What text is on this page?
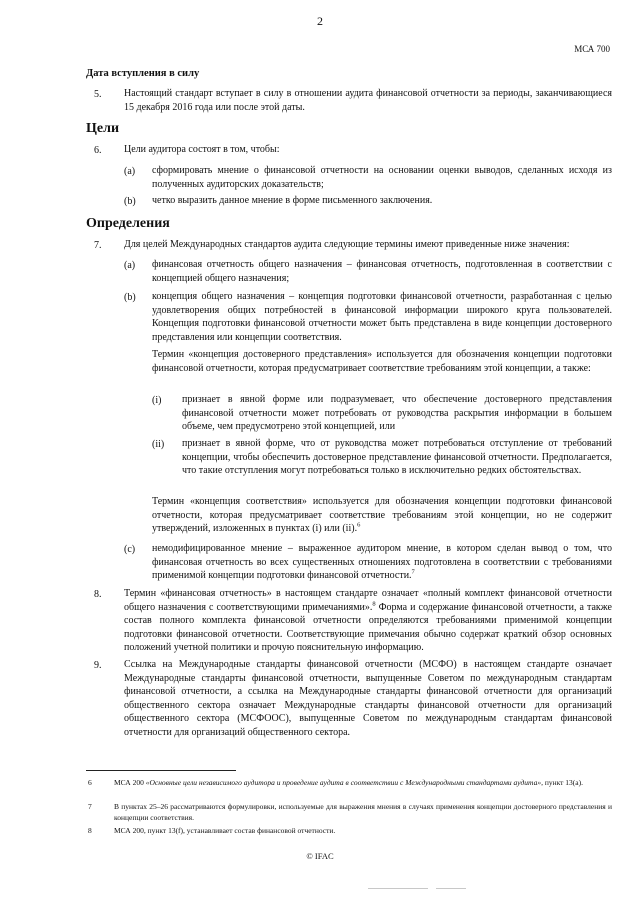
2
МСА 700
Дата вступления в силу
5. Настоящий стандарт вступает в силу в отношении аудита финансовой отчетности за периоды, заканчивающиеся 15 декабря 2016 года или после этой даты.
Цели
6. Цели аудитора состоят в том, чтобы:
(a) сформировать мнение о финансовой отчетности на основании оценки выводов, сделанных исходя из полученных аудиторских доказательств;
(b) четко выразить данное мнение в форме письменного заключения.
Определения
7. Для целей Международных стандартов аудита следующие термины имеют приведенные ниже значения:
(a) финансовая отчетность общего назначения – финансовая отчетность, подготовленная в соответствии с концепцией общего назначения;
(b) концепция общего назначения – концепция подготовки финансовой отчетности, разработанная с целью удовлетворения общих потребностей в финансовой информации широкого круга пользователей. Концепция подготовки финансовой отчетности может быть представлена в виде концепции достоверного представления или концепции соответствия.
Термин «концепция достоверного представления» используется для обозначения концепции подготовки финансовой отчетности, которая предусматривает соответствие требованиям этой концепции, а также:
(i) признает в явной форме или подразумевает, что обеспечение достоверного представления финансовой отчетности может потребовать от руководства раскрытия информации в большем объеме, чем предусмотрено этой концепцией, или
(ii) признает в явной форме, что от руководства может потребоваться отступление от требований концепции, чтобы обеспечить достоверное представление финансовой отчетности. Предполагается, что такие отступления могут потребоваться только в исключительно редких обстоятельствах.
Термин «концепция соответствия» используется для обозначения концепции подготовки финансовой отчетности, которая предусматривает соответствие требованиям этой концепции, но не содержит утверждений, изложенных в пунктах (i) или (ii).$^6$
(c) немодифицированное мнение – выраженное аудитором мнение, в котором сделан вывод о том, что финансовая отчетность во всех существенных отношениях подготовлена в соответствии с требованиями применимой концепции подготовки финансовой отчетности.$^7$
8. Термин «финансовая отчетность» в настоящем стандарте означает «полный комплект финансовой отчетности общего назначения с соответствующими примечаниями».$^8$ Форма и содержание финансовой отчетности, а также состав полного комплекта финансовой отчетности определяются требованиями применимой концепции подготовки финансовой отчетности. Соответствующие примечания обычно содержат краткий обзор основных положений учетной политики и прочую пояснительную информацию.
9. Ссылка на Международные стандарты финансовой отчетности (МСФО) в настоящем стандарте означает Международные стандарты финансовой отчетности, выпущенные Советом по международным стандартам финансовой отчетности, а ссылка на Международные стандарты финансовой отчетности для организаций общественного сектора означает Международные стандарты финансовой отчетности для организаций общественного сектора (МСФООС), выпущенные Советом по международным стандартам финансовой отчетности для организаций общественного сектора.
6	МСА 200 «Основные цели независимого аудитора и проведение аудита в соответствии с Международными стандартами аудита», пункт 13(a).
7	В пунктах 25–26 рассматриваются формулировки, используемые для выражения мнения в случаях применения концепции достоверного представления и концепции соответствия.
8	МСА 200, пункт 13(f), устанавливает состав финансовой отчетности.
© IFAC
